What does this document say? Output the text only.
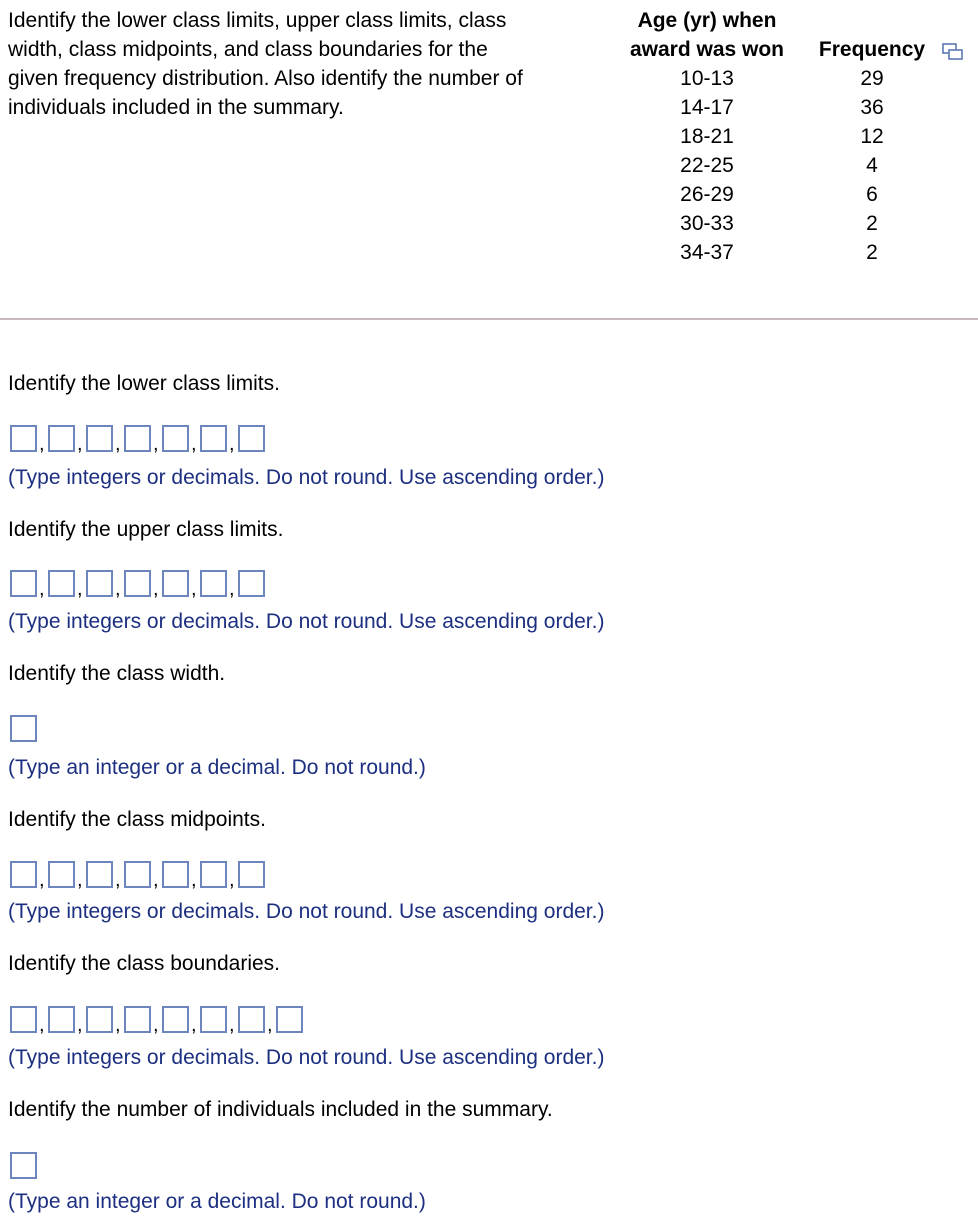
Identify the lower class limits, upper class limits, class
width, class midpoints, and class boundaries for the
given frequency distribution. Also identify the number of
individuals included in the summary.
Age (yr) when
award was won	Frequency
10-13	29
14-17	36
18-21	12
22-25	4
26-29	6
30-33	2
34-37	2
Identify the lower class limits.
, , , , , ,
(Type integers or decimals. Do not round. Use ascending order.)
Identify the upper class limits.
, , , , , ,
(Type integers or decimals. Do not round. Use ascending order.)
Identify the class width.
(Type an integer or a decimal. Do not round.)
Identify the class midpoints.
, , , , , ,
(Type integers or decimals. Do not round. Use ascending order.)
Identify the class boundaries.
, , , , , , ,
(Type integers or decimals. Do not round. Use ascending order.)
Identify the number of individuals included in the summary.
(Type an integer or a decimal. Do not round.)
